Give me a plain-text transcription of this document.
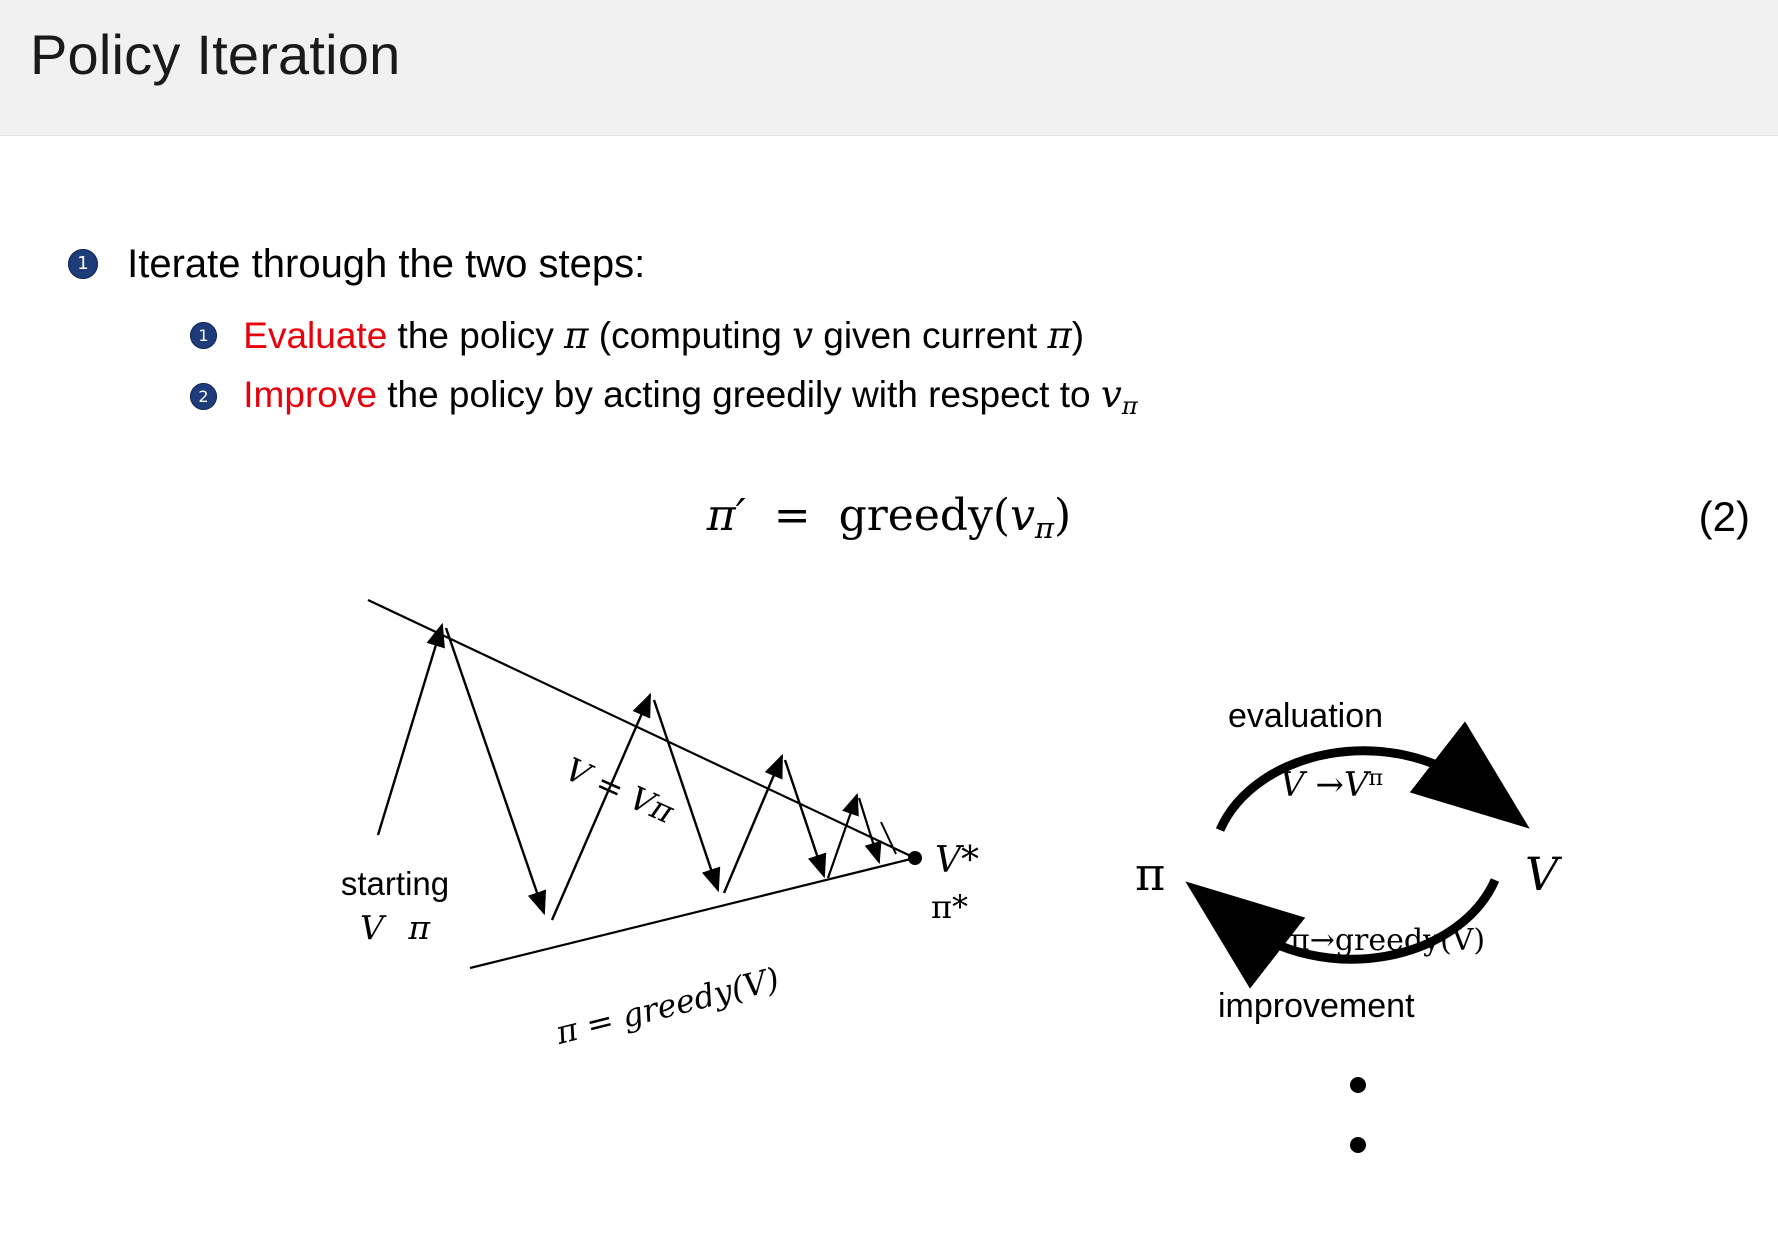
Policy Iteration
1 Iterate through the two steps:
1 Evaluate the policy π (computing v given current π)
2 Improve the policy by acting greedily with respect to $v_\pi$
$\pi' = greedy(v_\pi)$	(2)
starting
V π
V = Vπ
π = greedy(V)
V*
π*
evaluation
$V \to V^\pi$
π	V
π→greedy(V)
improvement
